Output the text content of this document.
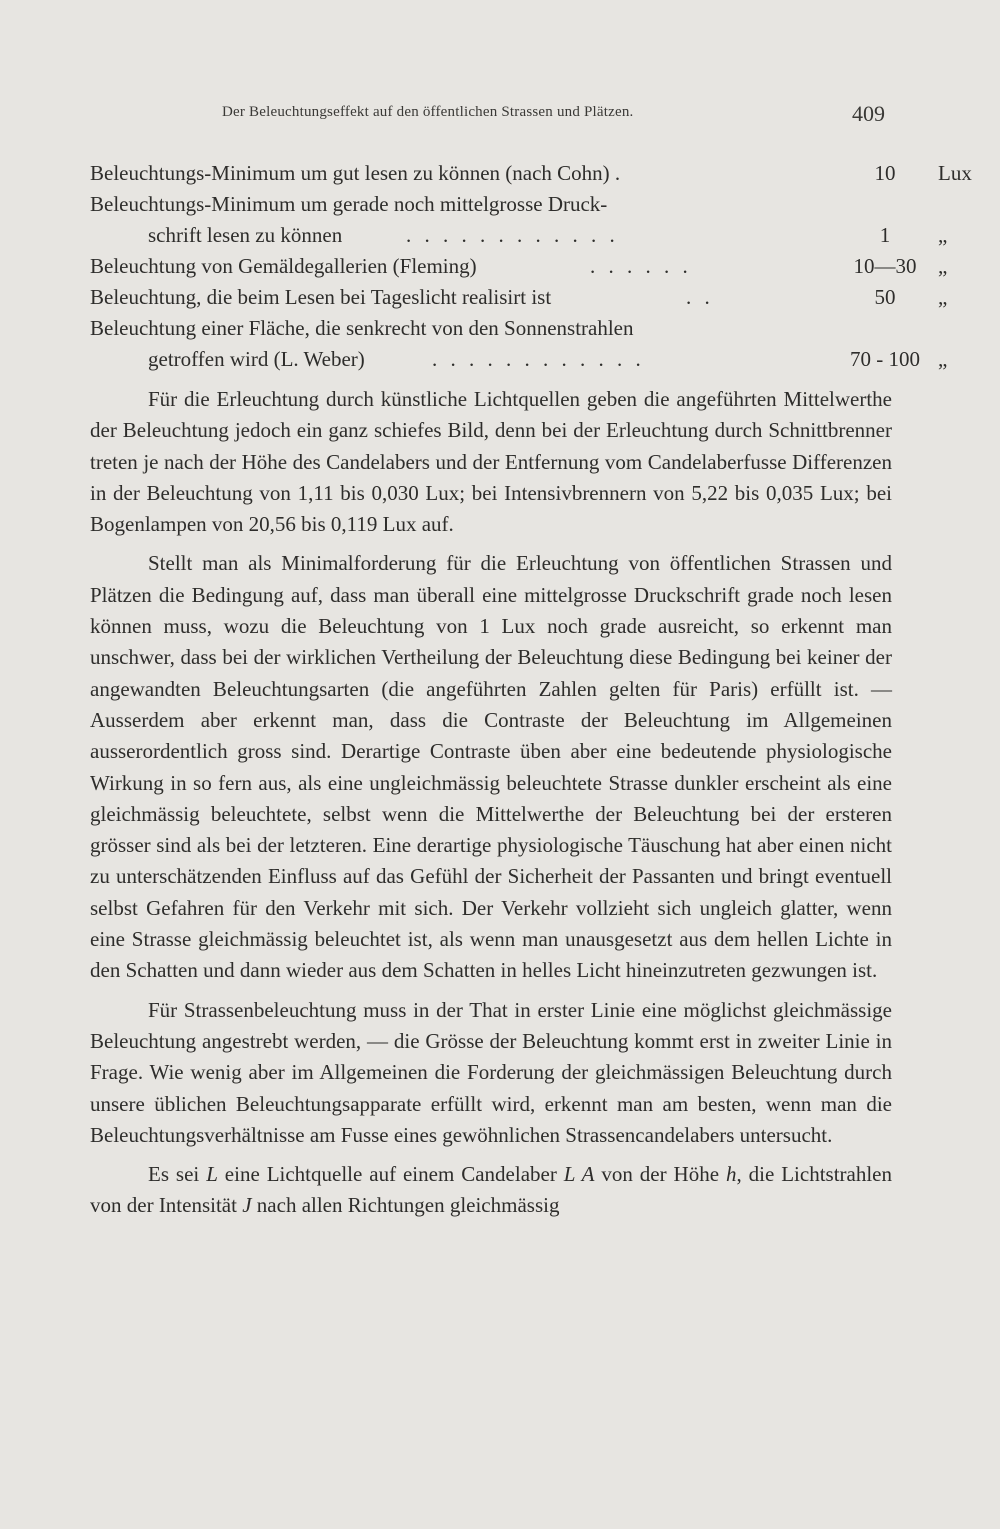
Der Beleuchtungseffekt auf den öffentlichen Strassen und Plätzen.	409
Beleuchtungs-Minimum um gut lesen zu können (nach Cohn) .	10	Lux
Beleuchtungs-Minimum um gerade noch mittelgrosse Druck-
schrift lesen zu können	. . . . . . . . . . . .	1	„
Beleuchtung von Gemäldegallerien (Fleming)	. . . . . .	10—30	„
Beleuchtung, die beim Lesen bei Tageslicht realisirt ist	. .	50	„
Beleuchtung einer Fläche, die senkrecht von den Sonnenstrahlen
getroffen wird (L. Weber)	. . . . . . . . . . . .	70 - 100 „

Für die Erleuchtung durch künstliche Lichtquellen geben die angeführten Mittelwerthe der Beleuchtung jedoch ein ganz schiefes Bild, denn bei der Erleuchtung durch Schnittbrenner treten je nach der Höhe des Candelabers und der Entfernung vom Candelaberfusse Differenzen in der Beleuchtung von 1,11 bis 0,030 Lux; bei Intensivbrennern von 5,22 bis 0,035 Lux; bei Bogenlampen von 20,56 bis 0,119 Lux auf.

Stellt man als Minimalforderung für die Erleuchtung von öffentlichen Strassen und Plätzen die Bedingung auf, dass man überall eine mittelgrosse Druckschrift grade noch lesen können muss, wozu die Beleuchtung von 1 Lux noch grade ausreicht, so erkennt man unschwer, dass bei der wirklichen Vertheilung der Beleuchtung diese Bedingung bei keiner der angewandten Beleuchtungsarten (die angeführten Zahlen gelten für Paris) erfüllt ist. — Ausserdem aber erkennt man, dass die Contraste der Beleuchtung im Allgemeinen ausserordentlich gross sind. Derartige Contraste üben aber eine bedeutende physiologische Wirkung in so fern aus, als eine ungleichmässig beleuchtete Strasse dunkler erscheint als eine gleichmässig beleuchtete, selbst wenn die Mittelwerthe der Beleuchtung bei der ersteren grösser sind als bei der letzteren. Eine derartige physiologische Täuschung hat aber einen nicht zu unterschätzenden Einfluss auf das Gefühl der Sicherheit der Passanten und bringt eventuell selbst Gefahren für den Verkehr mit sich. Der Verkehr vollzieht sich ungleich glatter, wenn eine Strasse gleichmässig beleuchtet ist, als wenn man unausgesetzt aus dem hellen Lichte in den Schatten und dann wieder aus dem Schatten in helles Licht hineinzutreten gezwungen ist.

Für Strassenbeleuchtung muss in der That in erster Linie eine möglichst gleichmässige Beleuchtung angestrebt werden, — die Grösse der Beleuchtung kommt erst in zweiter Linie in Frage. Wie wenig aber im Allgemeinen die Forderung der gleichmässigen Beleuchtung durch unsere üblichen Beleuchtungsapparate erfüllt wird, erkennt man am besten, wenn man die Beleuchtungsverhältnisse am Fusse eines gewöhnlichen Strassencandelabers untersucht.

Es sei L eine Lichtquelle auf einem Candelaber L A von der Höhe h, die Lichtstrahlen von der Intensität J nach allen Richtungen gleichmässig
